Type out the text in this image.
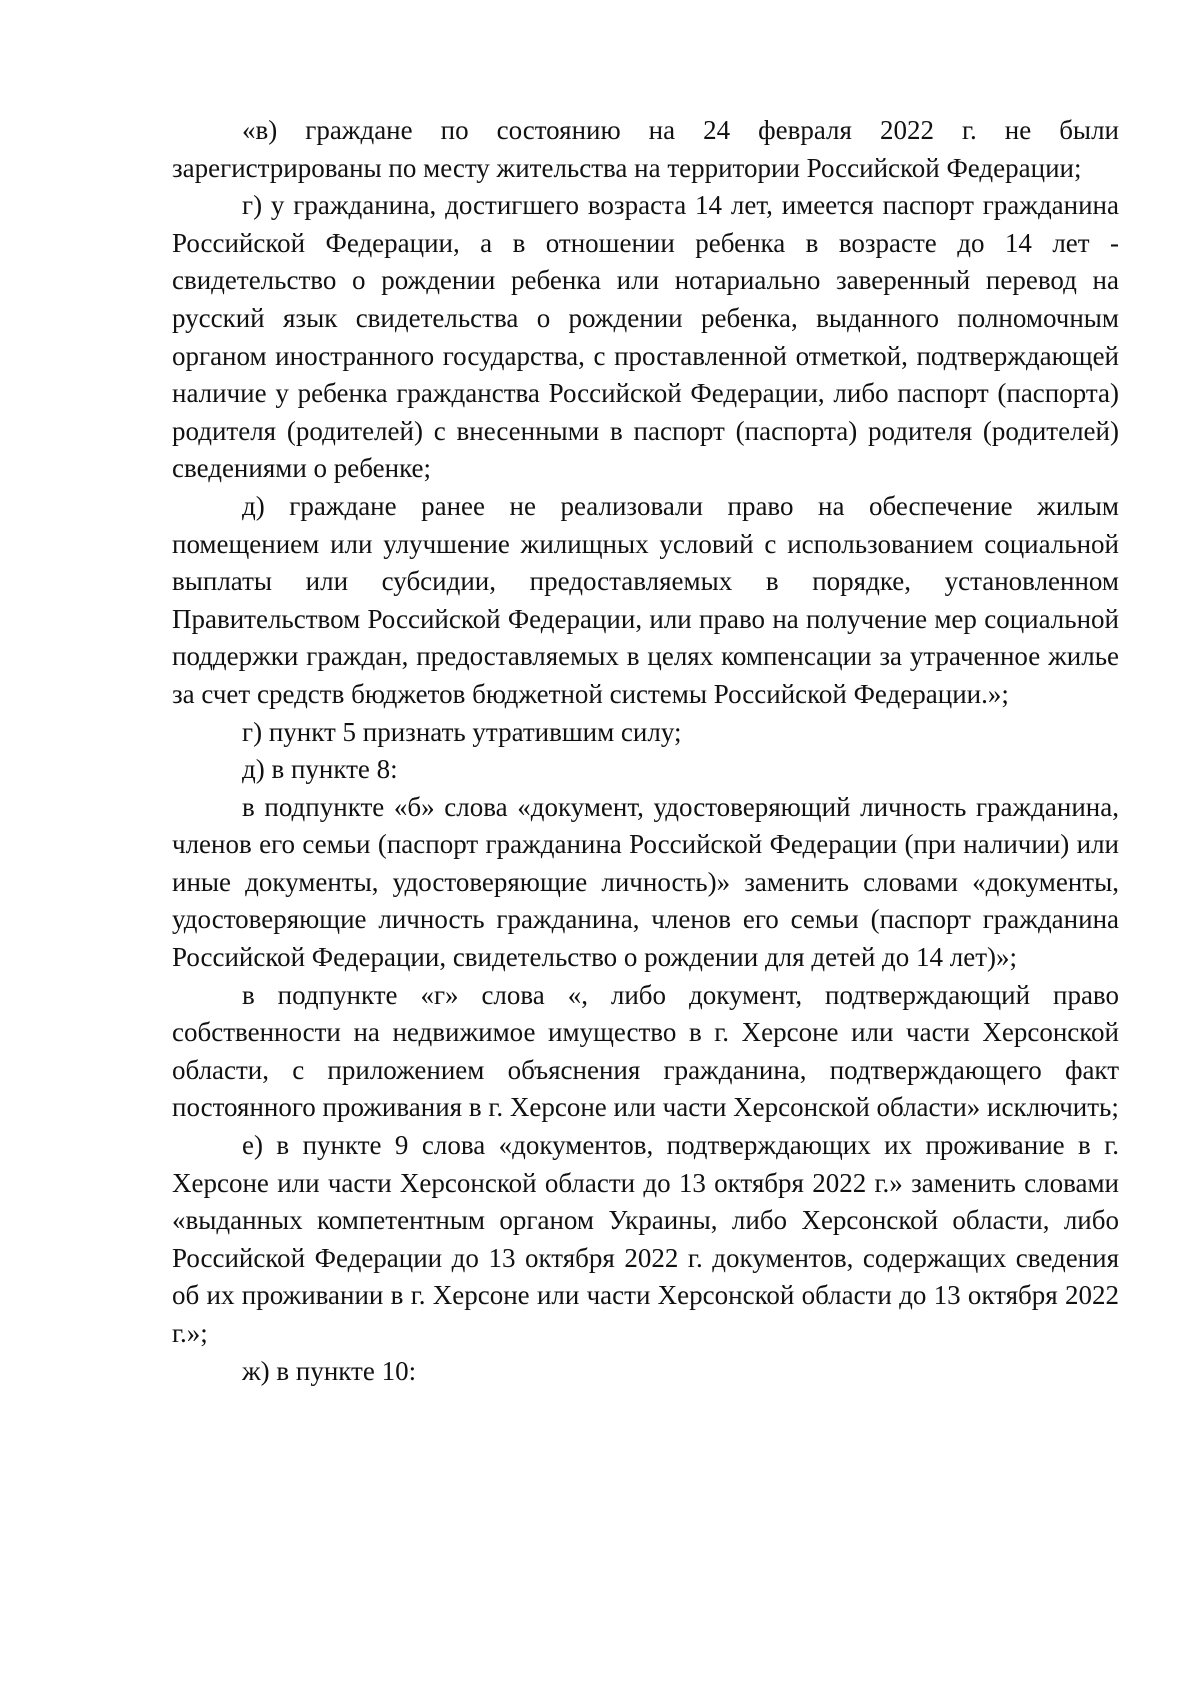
«в) граждане по состоянию на 24 февраля 2022 г. не были зарегистрированы по месту жительства на территории Российской Федерации;

г) у гражданина, достигшего возраста 14 лет, имеется паспорт гражданина Российской Федерации, а в отношении ребенка в возрасте до 14 лет - свидетельство о рождении ребенка или нотариально заверенный перевод на русский язык свидетельства о рождении ребенка, выданного полномочным органом иностранного государства, с проставленной отметкой, подтверждающей наличие у ребенка гражданства Российской Федерации, либо паспорт (паспорта) родителя (родителей) с внесенными в паспорт (паспорта) родителя (родителей) сведениями о ребенке;

д) граждане ранее не реализовали право на обеспечение жилым помещением или улучшение жилищных условий с использованием социальной выплаты или субсидии, предоставляемых в порядке, установленном Правительством Российской Федерации, или право на получение мер социальной поддержки граждан, предоставляемых в целях компенсации за утраченное жилье за счет средств бюджетов бюджетной системы Российской Федерации.»;

г) пункт 5 признать утратившим силу;

д) в пункте 8:

в подпункте «б» слова «документ, удостоверяющий личность гражданина, членов его семьи (паспорт гражданина Российской Федерации (при наличии) или иные документы, удостоверяющие личность)» заменить словами «документы, удостоверяющие личность гражданина, членов его семьи (паспорт гражданина Российской Федерации, свидетельство о рождении для детей до 14 лет)»;

в подпункте «г» слова «, либо документ, подтверждающий право собственности на недвижимое имущество в г. Херсоне или части Херсонской области, с приложением объяснения гражданина, подтверждающего факт постоянного проживания в г. Херсоне или части Херсонской области» исключить;

е) в пункте 9 слова «документов, подтверждающих их проживание в г. Херсоне или части Херсонской области до 13 октября 2022 г.» заменить словами «выданных компетентным органом Украины, либо Херсонской области, либо Российской Федерации до 13 октября 2022 г. документов, содержащих сведения об их проживании в г. Херсоне или части Херсонской области до 13 октября 2022 г.»;

ж) в пункте 10:
